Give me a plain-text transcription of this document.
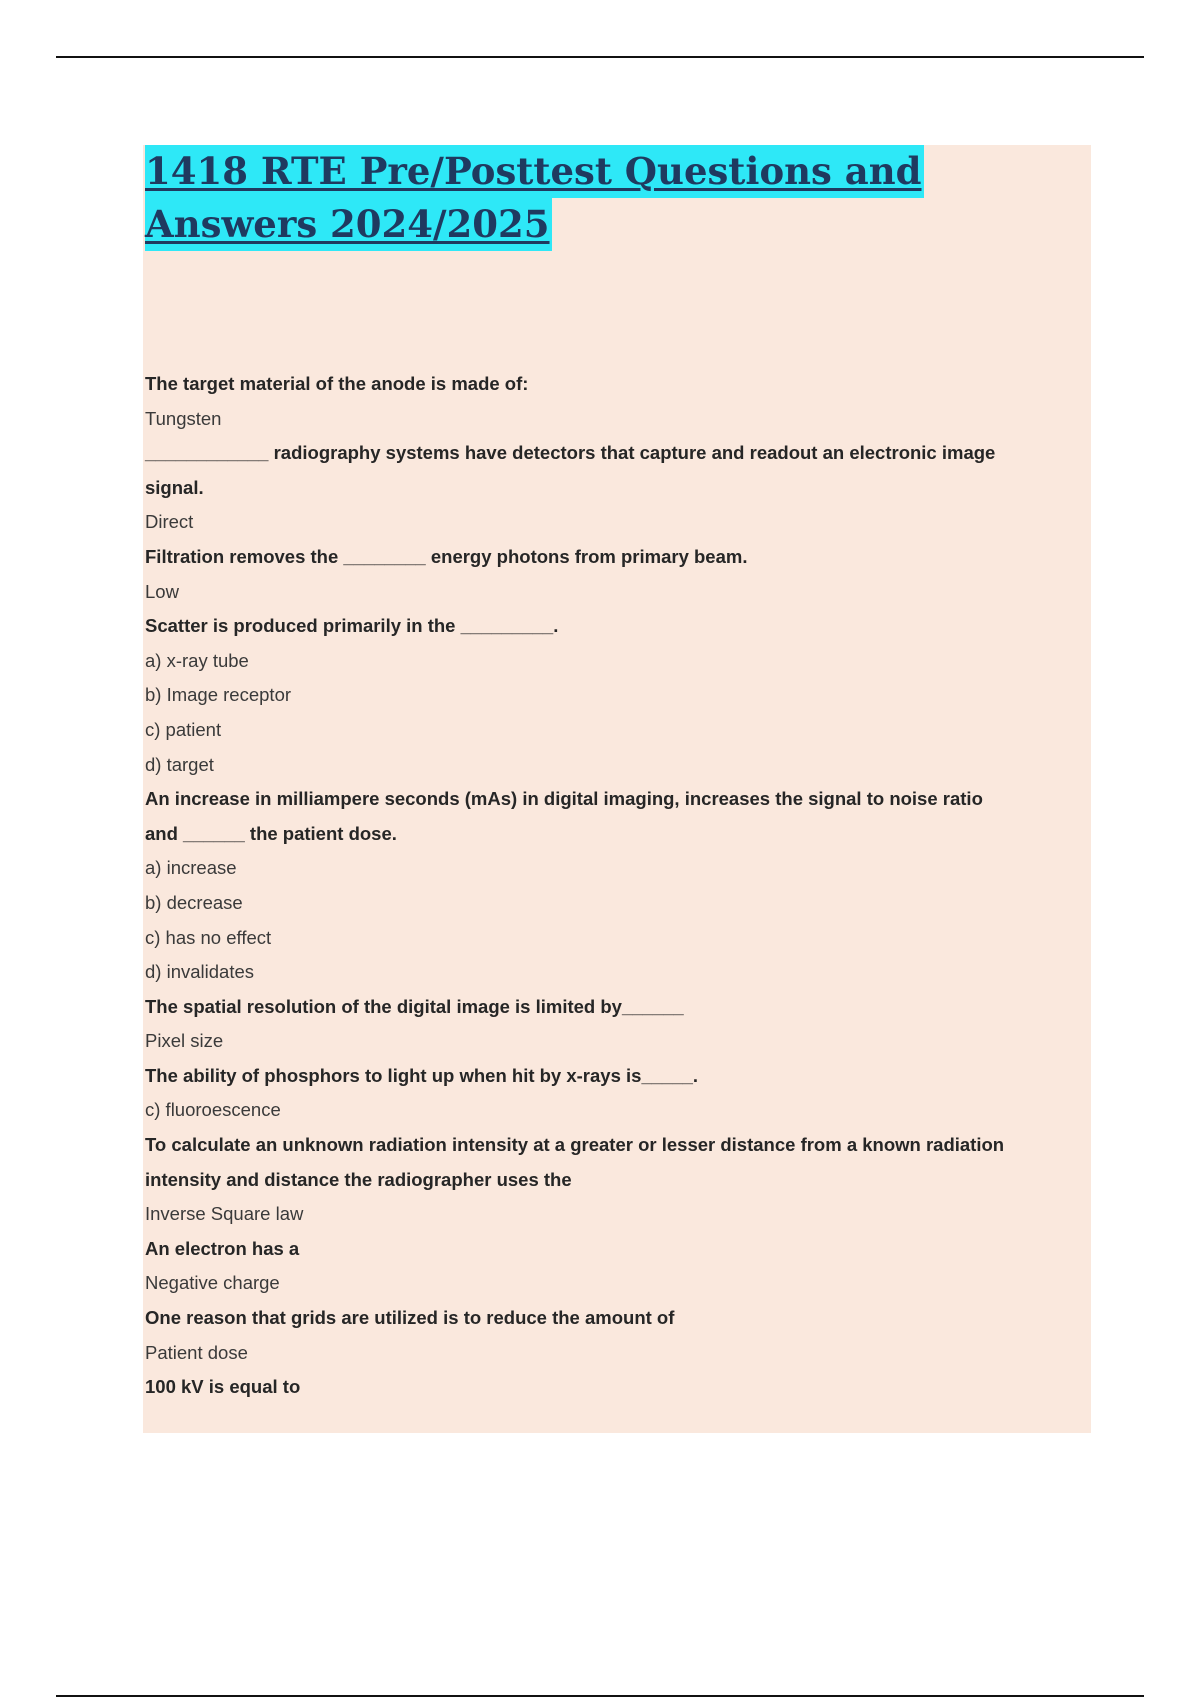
1418 RTE Pre/Posttest Questions and
Answers 2024/2025
The target material of the anode is made of:
Tungsten
____________ radiography systems have detectors that capture and readout an electronic image
signal.
Direct
Filtration removes the ________ energy photons from primary beam.
Low
Scatter is produced primarily in the _________.
a) x-ray tube
b) Image receptor
c) patient
d) target
An increase in milliampere seconds (mAs) in digital imaging, increases the signal to noise ratio
and ______ the patient dose.
a) increase
b) decrease
c) has no effect
d) invalidates
The spatial resolution of the digital image is limited by______
Pixel size
The ability of phosphors to light up when hit by x-rays is_____.
c) fluoroescence
To calculate an unknown radiation intensity at a greater or lesser distance from a known radiation
intensity and distance the radiographer uses the
Inverse Square law
An electron has a
Negative charge
One reason that grids are utilized is to reduce the amount of
Patient dose
100 kV is equal to
